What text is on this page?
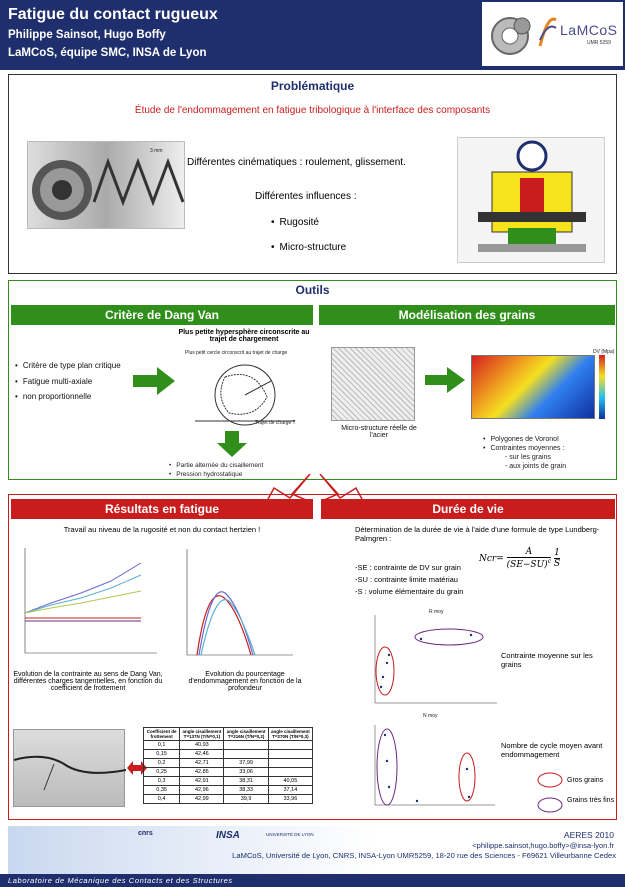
Fatigue du contact rugueux
Philippe Sainsot, Hugo Boffy
LaMCoS, équipe SMC, INSA de Lyon
LaMCoS
UMR 5259
Problématique
Étude de l'endommagement en fatigue tribologique à l'interface des composants
3 mm
Différentes cinématiques : roulement, glissement.
Différentes influences :
• Rugosité
• Micro-structure
Outils
Critère de Dang Van	Modélisation des grains
• Critère de type plan critique
• Fatigue multi-axiale
• non proportionnelle
Plus petite hypersphère circonscrite au trajet de chargement
Plus petit cercle circonscrit au trajet de charge
Trajet de charge T
• Partie alternée du cisaillement
• Pression hydrostatique
Micro-structure réelle de l'acier
DV (Mpa)
• Polygones de Voronoï
• Contraintes moyennes :
- sur les grains
- aux joints de grain
Résultats en fatigue	Durée de vie
Travail au niveau de la rugosité et non du contact hertzien !
Evolution de la contrainte au sens de Dang Van, différentes charges tangentielles, en fonction du coefficient de frottement
Evolution du pourcentage d'endommagement en fonction de la profondeur
Coefficient de frottement	angle cisaillement T=137N (T/N=0,1)	angle cisaillement T=216N (T/N=0,2)	angle cisaillement T=270N (T/N=0,3)
0,1	40,93		
0,15	42,46		
0,2	42,71	37,99	
0,25	42,85	33,06	
0,3	42,91	38,31	40,05
0,35	42,96	38,33	37,14
0,4	42,99	39,9	33,96
Détermination de la durée de vie à l'aide d'une formule de type Lundberg-Palmgren :
$Ncr= \frac{A}{(SE-SU)^c}$
$\frac{1}{S}$
-SE : contrainte de DV sur grain
-SU : contrainte limite matériau
-S : volume élémentaire du grain
R moy
Contrainte moyenne sur les grains
N moy
Nombre de cycle moyen avant endommagement
Gros grains
Grains très fins
cnrs	INSA	UNIVERSITÉ DE LYON	AERES 2010
<philippe.sainsot,hugo.boffy>@insa-lyon.fr
LaMCoS, Université de Lyon, CNRS, INSA-Lyon UMR5259, 18-20 rue des Sciences - F69621 Villeurbanne Cedex
Laboratoire de Mécanique des Contacts et des Structures
